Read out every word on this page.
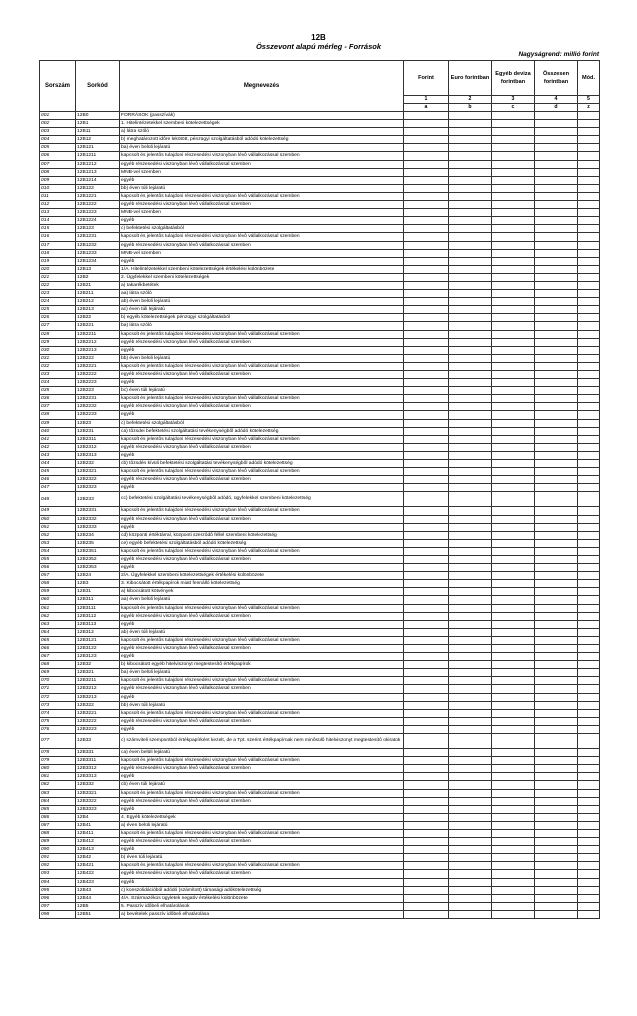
12B
Összevont alapú mérleg - Források
Nagyságrend: millió forint
Sorszám	Sorkód	Megnevezés	Forint	Euro forintban	Egyéb deviza forintban	Összesen forintban	Mód.
			1	2	3	4	5
			a	b	c	d	z
001	12B0	FORRÁSOK (passzívák)					
002	12B1	1. Hitelintézetekkel szembeni kötelezettségek					
003	12B11	a) látra szóló					
004	12B12	b) meghatározott idôre lekötött, pénzügyi szolgáltatásból adódó kötelezettség					
005	12B121	ba) éven belüli lejáratú					
006	12B1211	kapcsolt és jelentôs tulajdoni részesedési viszonyban lévô vállalkozással szemben					
007	12B1212	egyéb részesedési viszonyban lévô vállalkozással szemben					
008	12B1213	MNB-vel szemben					
009	12B1214	egyéb					
010	12B122	bb) éven túli lejáratú					
011	12B1221	kapcsolt és jelentôs tulajdoni részesedési viszonyban lévô vállalkozással szemben					
012	12B1222	egyéb részesedési viszonyban lévô vállalkozással szemben					
013	12B1223	MNB-vel szemben					
014	12B1224	egyéb					
015	12B123	c) befektetési szolgáltatásból					
016	12B1231	kapcsolt és jelentôs tulajdoni részesedési viszonyban lévô vállalkozással szemben					
017	12B1232	egyéb részesedési viszonyban lévô vállalkozással szemben					
018	12B1233	MNB-vel szemben					
019	12B1234	egyéb					
020	12B13	1/A. Hitelintézetekkel szembeni kötelezettségek értékelési különbözete					
021	12B2	2. Ügyfelekkel szembeni kötelezettségek					
022	12B21	a) takarékbetétek					
023	12B211	aa) látra szóló					
024	12B212	ab) éven belüli lejáratú					
025	12B213	ac) éven túli lejáratú					
026	12B22	b) egyéb kötelezettségek pénzügyi szolgáltatásból					
027	12B221	ba) látra szóló					
028	12B2211	kapcsolt és jelentôs tulajdoni részesedési viszonyban lévô vállalkozással szemben					
029	12B2212	egyéb részesedési viszonyban lévô vállalkozással szemben					
030	12B2213	egyéb					
031	12B222	bb) éven belüli lejáratú					
032	12B2221	kapcsolt és jelentôs tulajdoni részesedési viszonyban lévô vállalkozással szemben					
033	12B2222	egyéb részesedési viszonyban lévô vállalkozással szemben					
034	12B2223	egyéb					
035	12B223	bc) éven túli lejáratú					
036	12B2231	kapcsolt és jelentôs tulajdoni részesedési viszonyban lévô vállalkozással szemben					
037	12B2232	egyéb részesedési viszonyban lévô vállalkozással szemben					
038	12B2233	egyéb					
039	12B23	c) befektetési szolgáltatásból					
040	12B231	ca) tôzsdei befektetési szolgáltatási tevékenységbôl adódó kötelezettség					
041	12B2311	kapcsolt és jelentôs tulajdoni részesedési viszonyban lévô vállalkozással szemben					
042	12B2312	egyéb részesedési viszonyban lévô vállalkozással szemben					
043	12B2313	egyéb					
044	12B232	cb) tôzsdén kívüli befektetési szolgáltatási tevékenységbôl adódó kötelezettség					
045	12B2321	kapcsolt és jelentôs tulajdoni részesedési viszonyban lévô vállalkozással szemben					
046	12B2322	egyéb részesedési viszonyban lévô vállalkozással szemben					
047	12B2323	egyéb					
048	12B233	cc) befektetési szolgáltatási tevékenységbôl adódó, ügyfelekkel szembeni kötelezettség					
049	12B2331	kapcsolt és jelentôs tulajdoni részesedési viszonyban lévô vállalkozással szemben					
050	12B2332	egyéb részesedési viszonyban lévô vállalkozással szemben					
051	12B2333	egyéb					
052	12B234	cd) központi értéktárral, központi szerzôdô féllel szembeni kötelezettség					
053	12B235	ce) egyéb befektetési szolgáltatásból adódó kötelezettség					
054	12B2351	kapcsolt és jelentôs tulajdoni részesedési viszonyban lévô vállalkozással szemben					
055	12B2352	egyéb részesedési viszonyban lévô vállalkozással szemben					
056	12B2353	egyéb					
057	12B24	2/A. Ügyfelekkel szembeni kötelezettségek értékelési különbözete					
058	12B3	3. Kibocsátott értékpapírok miatt fennálló kötelezettség					
059	12B31	a) kibocsátott kötvények					
060	12B311	aa) éven belüli lejáratú					
061	12B3111	kapcsolt és jelentôs tulajdoni részesedési viszonyban lévô vállalkozással szemben					
062	12B3112	egyéb részesedési viszonyban lévô vállalkozással szemben					
063	12B3113	egyéb					
064	12B312	ab) éven túli lejáratú					
065	12B3121	kapcsolt és jelentôs tulajdoni részesedési viszonyban lévô vállalkozással szemben					
066	12B3122	egyéb részesedési viszonyban lévô vállalkozással szemben					
067	12B3123	egyéb					
068	12B32	b) kibocsátott egyéb hitelviszonyt megtestesítô értékpapírok					
069	12B321	ba) éven belüli lejáratú					
070	12B3211	kapcsolt és jelentôs tulajdoni részesedési viszonyban lévô vállalkozással szemben					
071	12B3212	egyéb részesedési viszonyban lévô vállalkozással szemben					
072	12B3213	egyéb					
073	12B322	bb) éven túli lejáratú					
074	12B3221	kapcsolt és jelentôs tulajdoni részesedési viszonyban lévô vállalkozással szemben					
075	12B3222	egyéb részesedési viszonyban lévô vállalkozással szemben					
076	12B3223	egyéb					
077	12B33	c) számviteli szempontból értékpapírként kezelt, de a Tpt. szerint értékpapírnak nem minôsülô hitelviszonyt megtestesítô okiratok					
078	12B331	ca) éven belüli lejáratú					
079	12B3311	kapcsolt és jelentôs tulajdoni részesedési viszonyban lévô vállalkozással szemben					
080	12B3312	egyéb részesedési viszonyban lévô vállalkozással szemben					
081	12B3313	egyéb					
082	12B332	cb) éven túli lejáratú					
083	12B3321	kapcsolt és jelentôs tulajdoni részesedési viszonyban lévô vállalkozással szemben					
084	12B3322	egyéb részesedési viszonyban lévô vállalkozással szemben					
085	12B3323	egyéb					
086	12B4	4. Egyéb kötelezettségek					
087	12B41	a) éven belüli lejáratú					
088	12B411	kapcsolt és jelentôs tulajdoni részesedési viszonyban lévô vállalkozással szemben					
089	12B412	egyéb részesedési viszonyban lévô vállalkozással szemben					
090	12B413	egyéb					
091	12B42	b) éven túli lejáratú					
092	12B421	kapcsolt és jelentôs tulajdoni részesedési viszonyban lévô vállalkozással szemben					
093	12B422	egyéb részesedési viszonyban lévô vállalkozással szemben					
094	12B423	egyéb					
095	12B43	c) konszolidációból adódó (számított) társasági adókötelezettség					
096	12B44	4/A. Származékos ügyletek negatív értékelési különbözete					
097	12B5	5. Passzív idôbeli elhatárolások					
098	12B51	a) bevételek passzív idôbeli elhatárolása					
